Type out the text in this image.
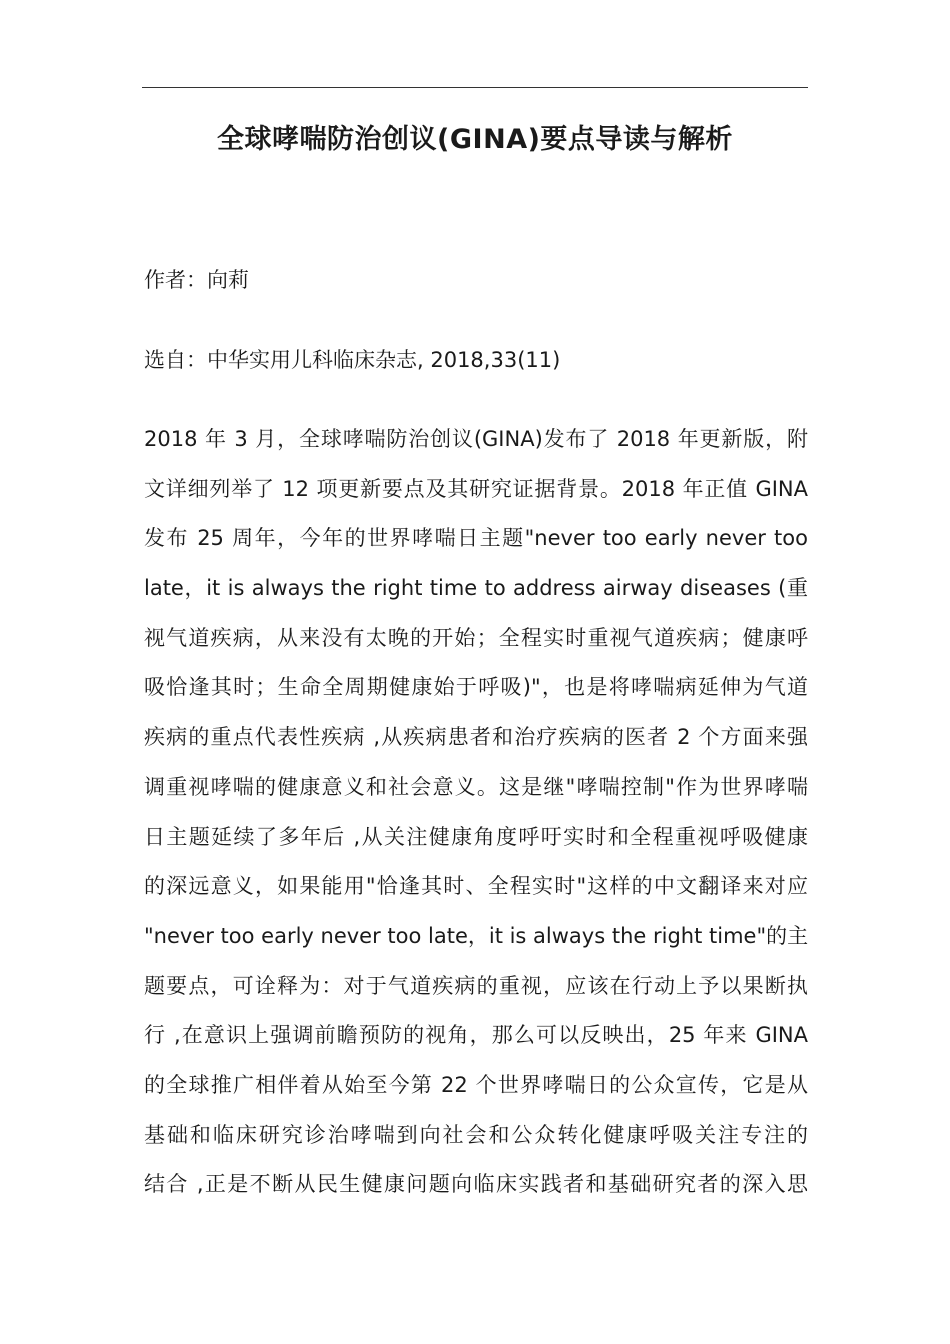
全球哮喘防治创议(GINA)要点导读与解析

作者：向莉

选自：中华实用儿科临床杂志, 2018,33(11)

2018 年 3 月，全球哮喘防治创议(GINA)发布了 2018 年更新版，附
文详细列举了 12 项更新要点及其研究证据背景。2018 年正值 GINA
发布 25 周年，今年的世界哮喘日主题"never too early never too
late，it is always the right time to address airway diseases (重
视气道疾病，从来没有太晚的开始；全程实时重视气道疾病；健康呼
吸恰逢其时；生命全周期健康始于呼吸)"，也是将哮喘病延伸为气道
疾病的重点代表性疾病 ,从疾病患者和治疗疾病的医者 2 个方面来强
调重视哮喘的健康意义和社会意义。这是继"哮喘控制"作为世界哮喘
日主题延续了多年后 ,从关注健康角度呼吁实时和全程重视呼吸健康
的深远意义，如果能用"恰逢其时、全程实时"这样的中文翻译来对应
"never too early never too late，it is always the right time"的主
题要点，可诠释为：对于气道疾病的重视，应该在行动上予以果断执
行 ,在意识上强调前瞻预防的视角，那么可以反映出，25 年来 GINA
的全球推广相伴着从始至今第 22 个世界哮喘日的公众宣传，它是从
基础和临床研究诊治哮喘到向社会和公众转化健康呼吸关注专注的
结合 ,正是不断从民生健康问题向临床实践者和基础研究者的深入思
